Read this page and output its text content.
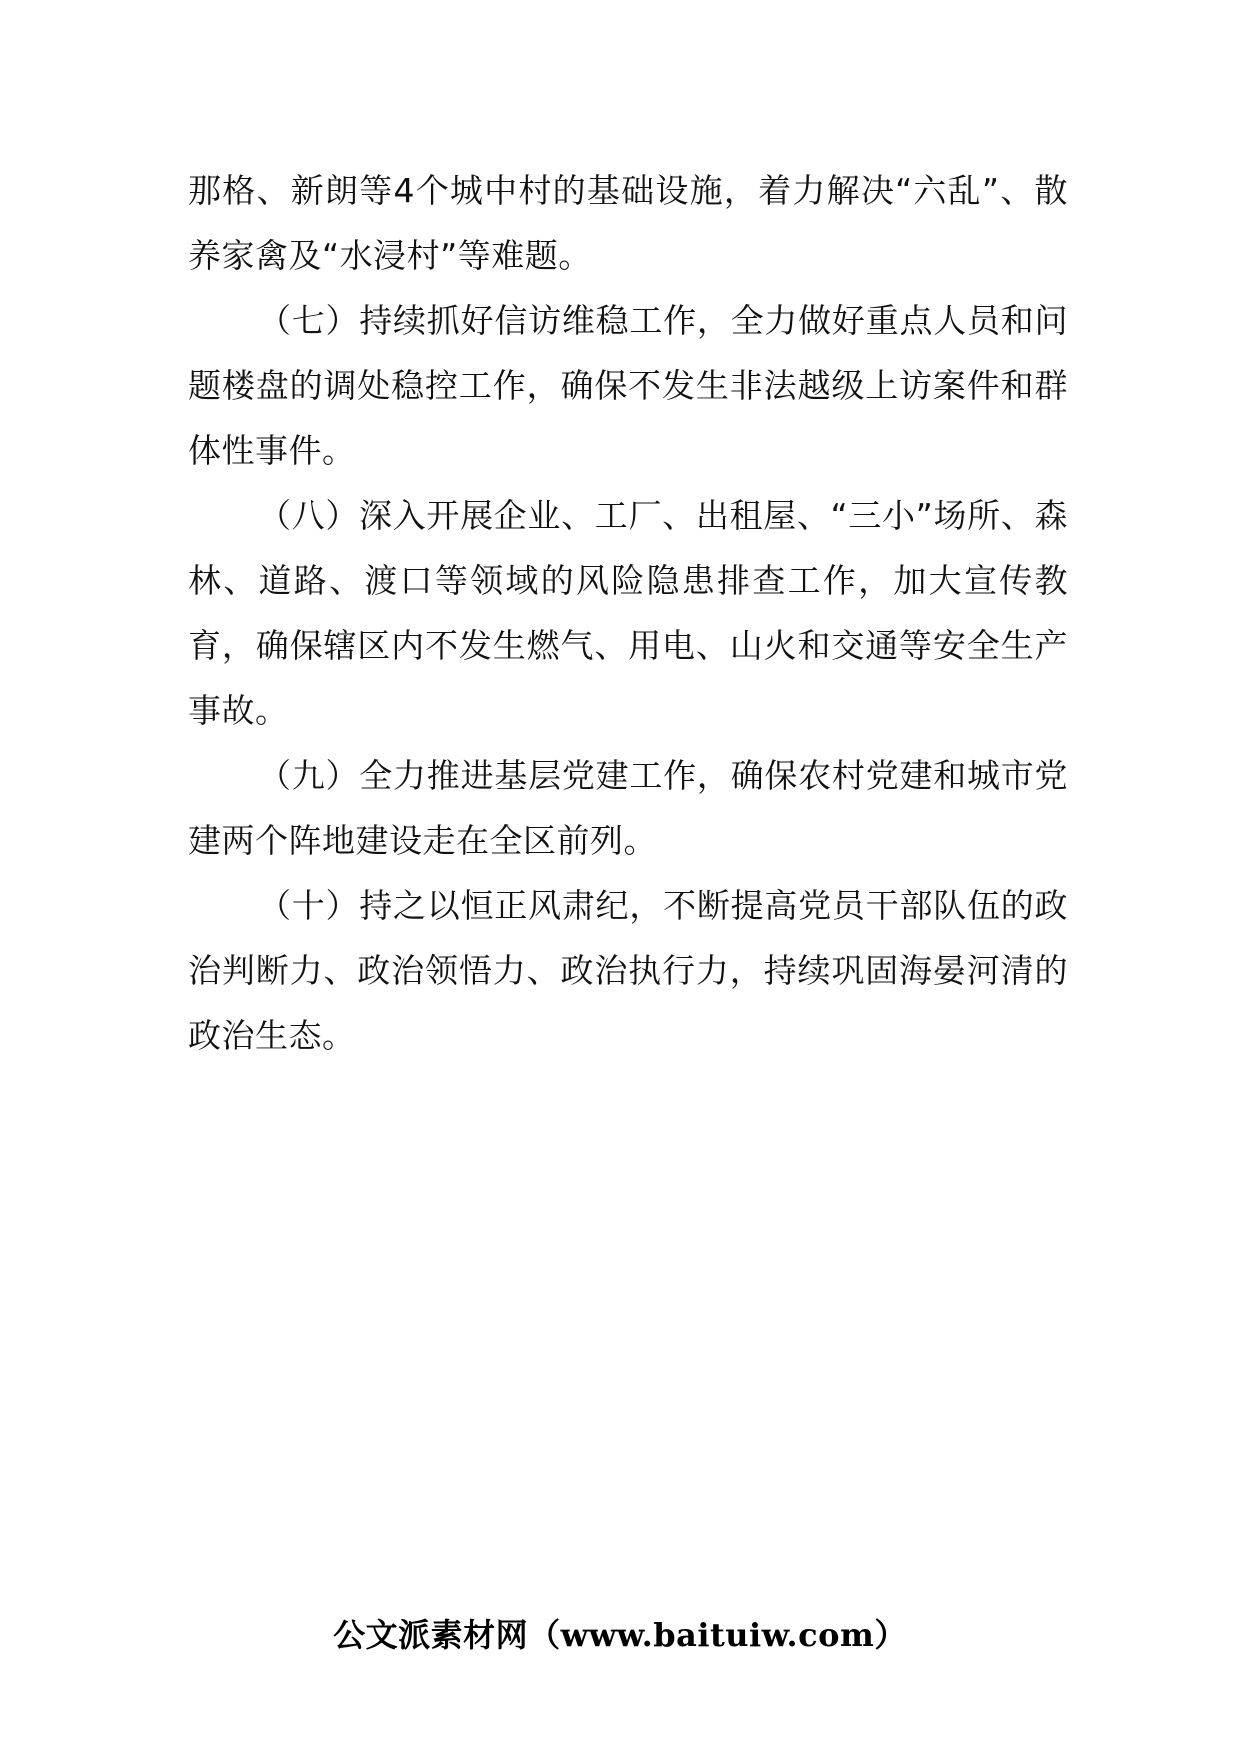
那格、新朗等4个城中村的基础设施，着力解决“六乱”、散养家禽及“水浸村”等难题。

（七）持续抓好信访维稳工作，全力做好重点人员和问题楼盘的调处稳控工作，确保不发生非法越级上访案件和群体性事件。

（八）深入开展企业、工厂、出租屋、“三小”场所、森林、道路、渡口等领域的风险隐患排查工作，加大宣传教育，确保辖区内不发生燃气、用电、山火和交通等安全生产事故。

（九）全力推进基层党建工作，确保农村党建和城市党建两个阵地建设走在全区前列。

（十）持之以恒正风肃纪，不断提高党员干部队伍的政治判断力、政治领悟力、政治执行力，持续巩固海晏河清的政治生态。

公文派素材网（www.baituiw.com）
